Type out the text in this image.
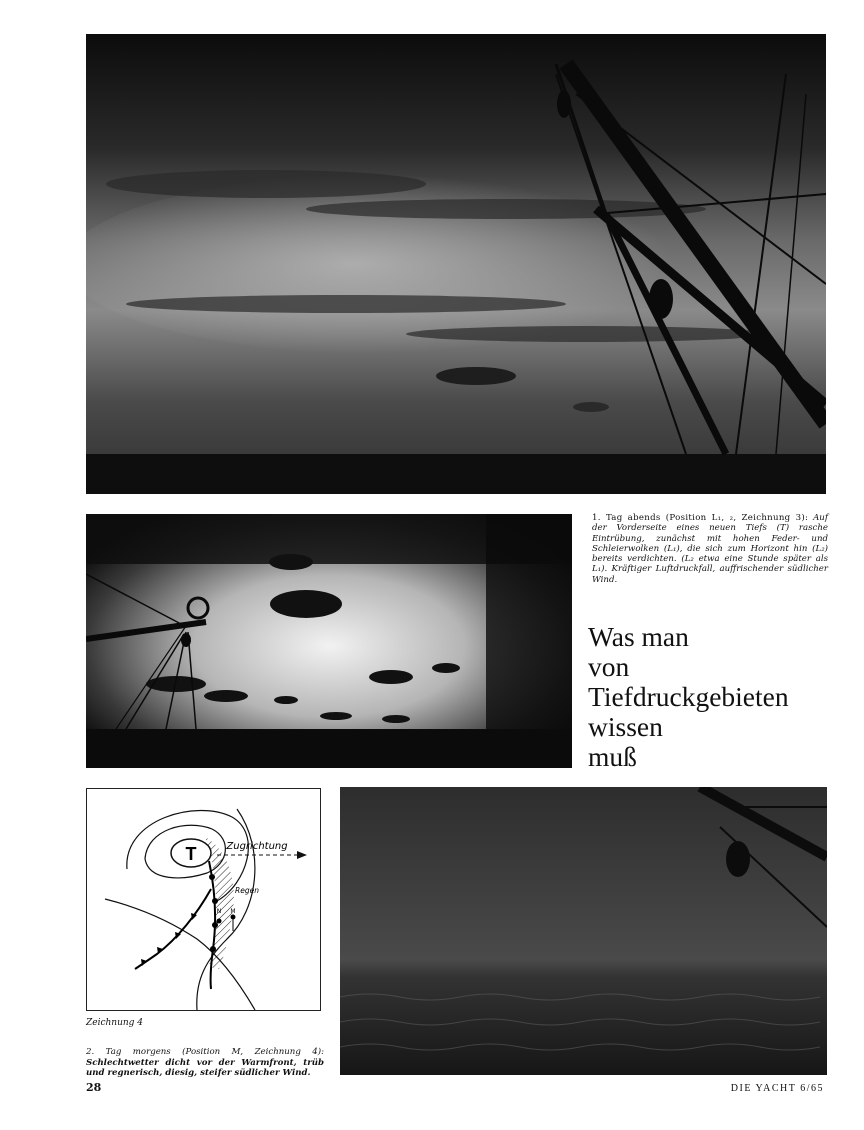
1. Tag abends (Position L₁, ₂, Zeichnung 3): Auf der Vorderseite eines neuen Tiefs (T) rasche Eintrübung, zunächst mit hohen Feder- und Schleierwolken (L₁), die sich zum Horizont hin (L₂) bereits verdichten. (L₂ etwa eine Stunde später als L₁). Kräftiger Luftdruckfall, auffrischender südlicher Wind.
Was man
von
Tiefdruckgebieten
wissen
muß
T	Zugrichtung
Regen
N M
Zeichnung 4
2. Tag morgens (Position M, Zeichnung 4): Schlechtwetter dicht vor der Warmfront, trüb und regnerisch, diesig, steifer südlicher Wind.
28	DIE YACHT 6/65
